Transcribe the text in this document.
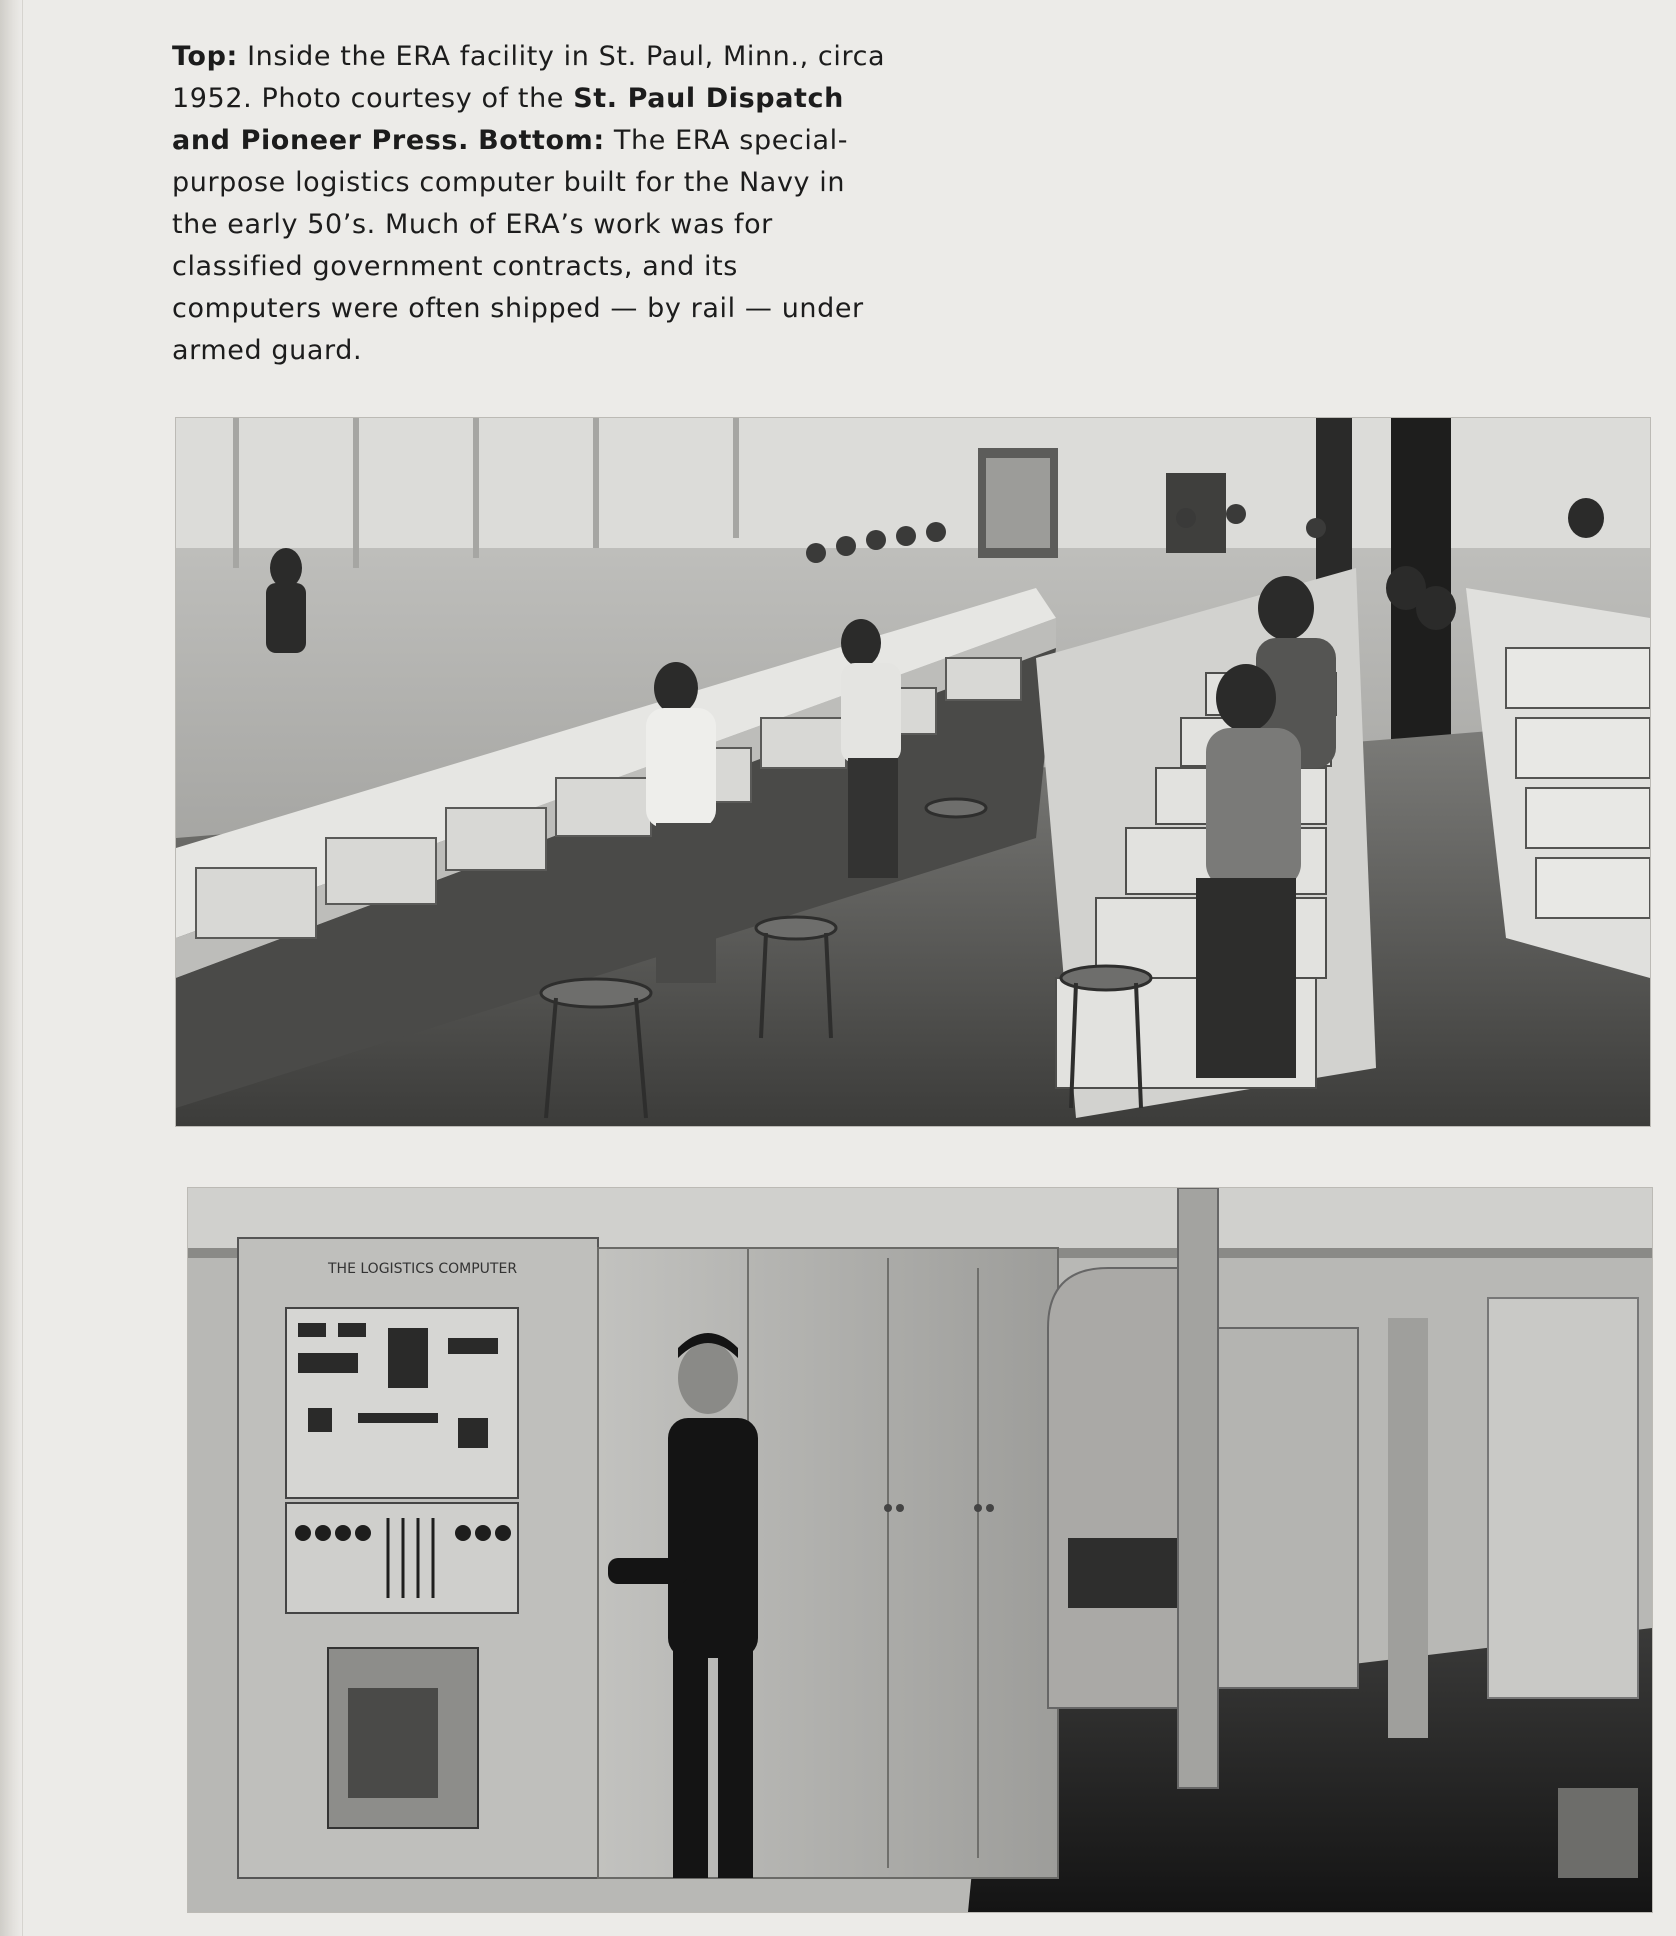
Top: Inside the ERA facility in St. Paul, Minn., circa 1952. Photo courtesy of the St. Paul Dispatch and Pioneer Press. Bottom: The ERA special-purpose logistics computer built for the Navy in the early 50’s. Much of ERA’s work was for classified government contracts, and its computers were often shipped — by rail — under armed guard.
THE LOGISTICS COMPUTER
